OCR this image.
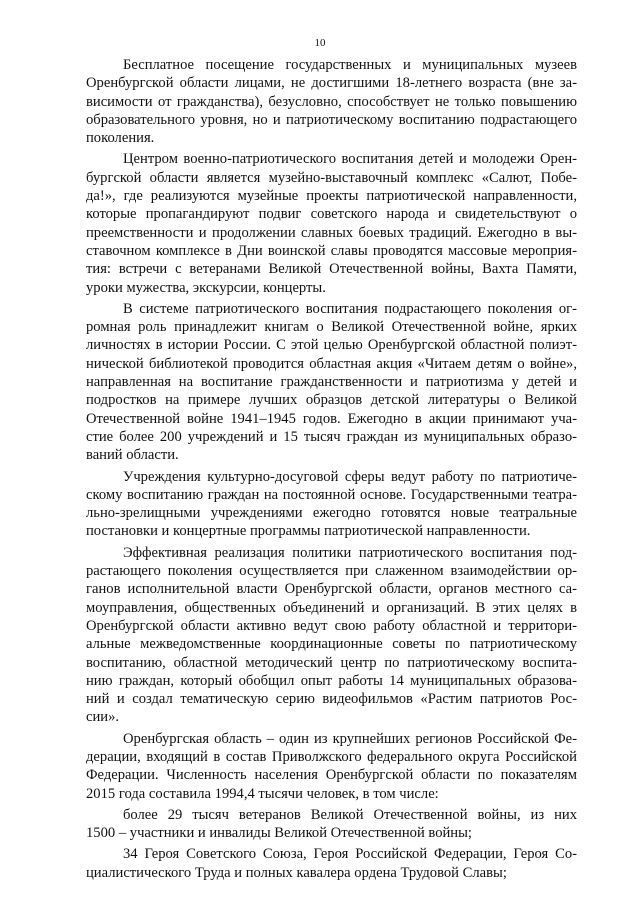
10
Бесплатное посещение государственных и муниципальных музеев
Оренбургской области лицами, не достигшими 18-летнего возраста (вне за-
висимости от гражданства), безусловно, способствует не только повышению
образовательного уровня, но и патриотическому воспитанию подрастающего
поколения.
Центром военно-патриотического воспитания детей и молодежи Орен-
бургской области является музейно-выставочный комплекс «Салют, Побе-
да!», где реализуются музейные проекты патриотической направленности,
которые пропагандируют подвиг советского народа и свидетельствуют о
преемственности и продолжении славных боевых традиций. Ежегодно в вы-
ставочном комплексе в Дни воинской славы проводятся массовые мероприя-
тия: встречи с ветеранами Великой Отечественной войны, Вахта Памяти,
уроки мужества, экскурсии, концерты.
В системе патриотического воспитания подрастающего поколения ог-
ромная роль принадлежит книгам о Великой Отечественной войне, ярких
личностях в истории России. С этой целью Оренбургской областной полиэт-
нической библиотекой проводится областная акция «Читаем детям о войне»,
направленная на воспитание гражданственности и патриотизма у детей и
подростков на примере лучших образцов детской литературы о Великой
Отечественной войне 1941–1945 годов. Ежегодно в акции принимают уча-
стие более 200 учреждений и 15 тысяч граждан из муниципальных образо-
ваний области.
Учреждения культурно-досуговой сферы ведут работу по патриотиче-
скому воспитанию граждан на постоянной основе. Государственными театра-
льно-зрелищными учреждениями ежегодно готовятся новые театральные
постановки и концертные программы патриотической направленности.
Эффективная реализация политики патриотического воспитания под-
растающего поколения осуществляется при слаженном взаимодействии ор-
ганов исполнительной власти Оренбургской области, органов местного са-
моуправления, общественных объединений и организаций. В этих целях в
Оренбургской области активно ведут свою работу областной и территори-
альные межведомственные координационные советы по патриотическому
воспитанию, областной методический центр по патриотическому воспита-
нию граждан, который обобщил опыт работы 14 муниципальных образова-
ний и создал тематическую серию видеофильмов «Растим патриотов Рос-
сии».
Оренбургская область – один из крупнейших регионов Российской Фе-
дерации, входящий в состав Приволжского федерального округа Российской
Федерации. Численность населения Оренбургской области по показателям
2015 года составила 1994,4 тысячи человек, в том числе:
более 29 тысяч ветеранов Великой Отечественной войны, из них
1500 – участники и инвалиды Великой Отечественной войны;
34 Героя Советского Союза, Героя Российской Федерации, Героя Со-
циалистического Труда и полных кавалера ордена Трудовой Славы;
